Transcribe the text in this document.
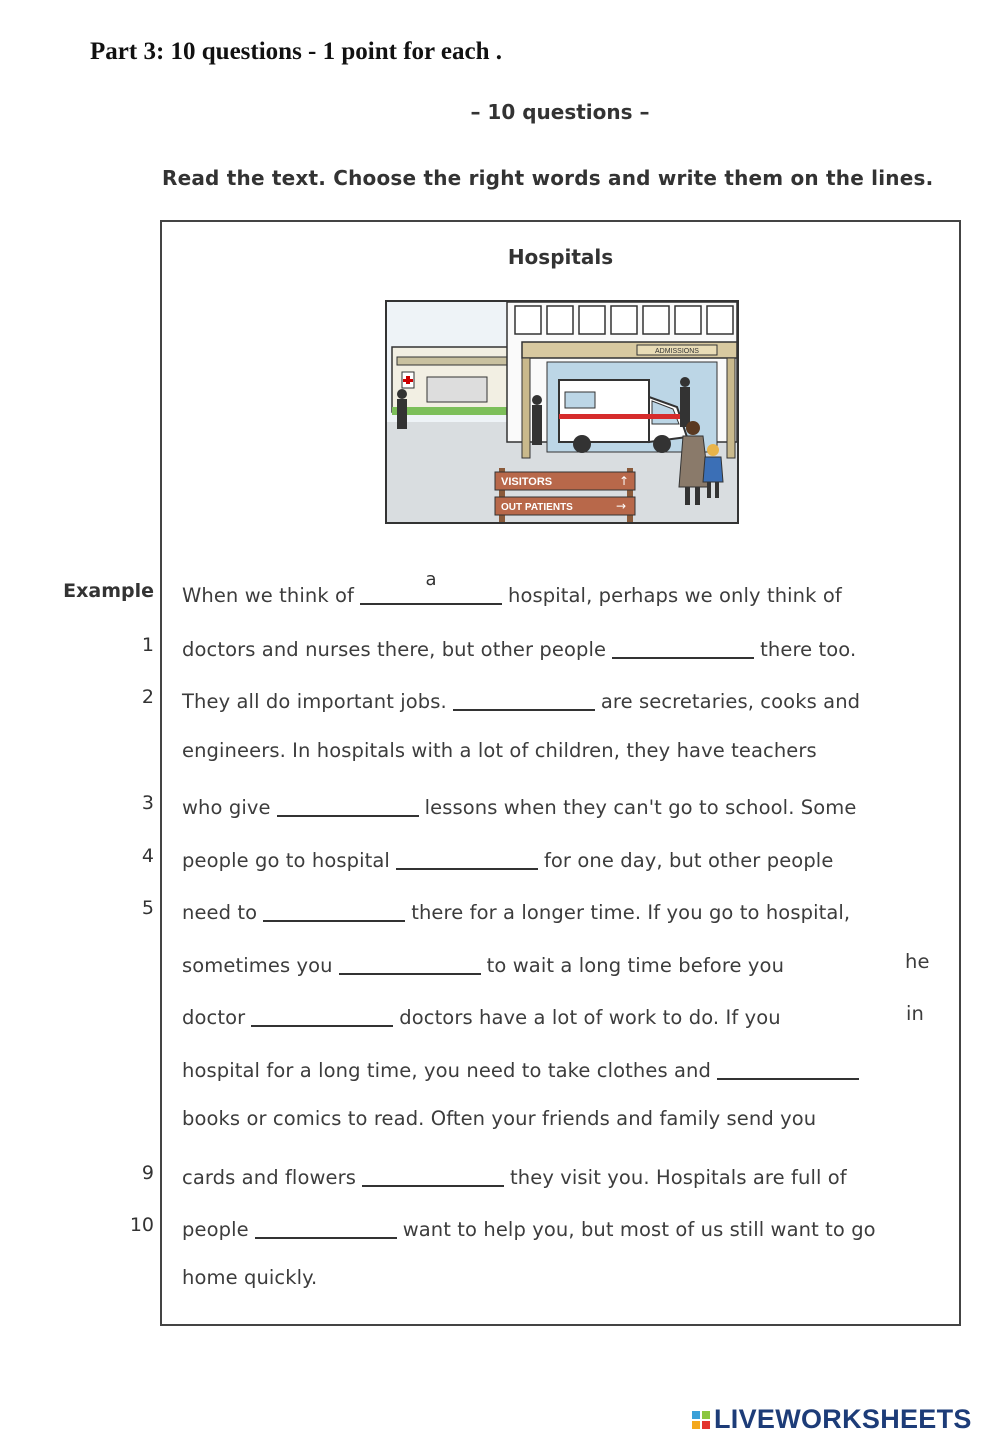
Part 3: 10 questions - 1 point for each .
– 10 questions –
Read the text. Choose the right words and write them on the lines.
Hospitals
ADMISSIONS
VISITORS	↑
OUT PATIENTS	→
Example
1
2
3
4
5
9
10
When we think of
a
hospital, perhaps we only think of
doctors and nurses there, but other people	there too.
They all do important jobs.	are secretaries, cooks and
engineers. In hospitals with a lot of children, they have teachers
who give	lessons when they can't go to school. Some
people go to hospital	for one day, but other people
need to	there for a longer time. If you go to hospital,
sometimes you	to wait a long time before you	he
doctor	doctors have a lot of work to do. If you	in
hospital for a long time, you need to take clothes and
books or comics to read. Often your friends and family send you
cards and flowers	they visit you. Hospitals are full of
people	want to help you, but most of us still want to go
home quickly.
LIVEWORKSHEETS
